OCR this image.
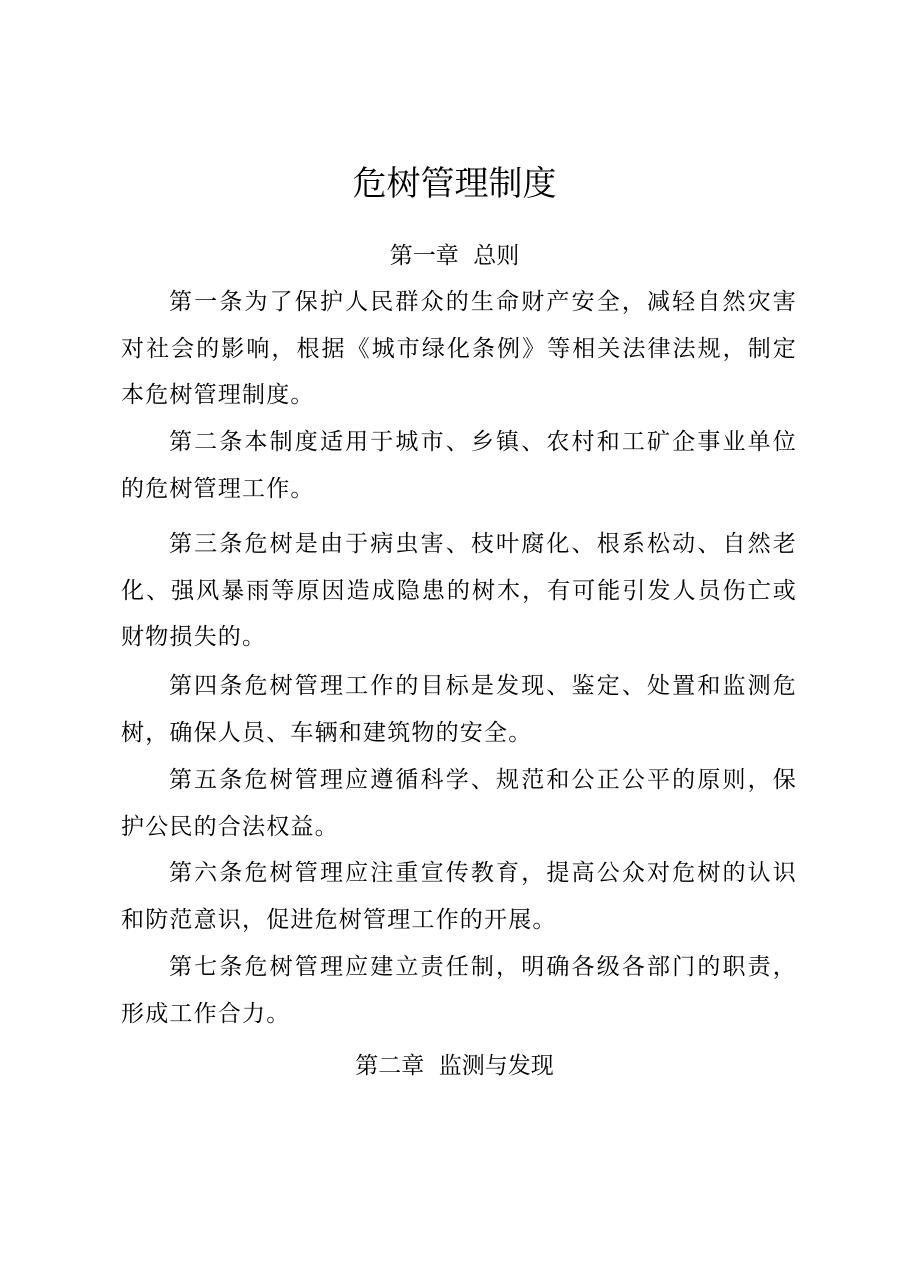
危树管理制度

第一章  总则

第一条为了保护人民群众的生命财产安全，减轻自然灾害对社会的影响，根据《城市绿化条例》等相关法律法规，制定本危树管理制度。

第二条本制度适用于城市、乡镇、农村和工矿企事业单位的危树管理工作。

第三条危树是由于病虫害、枝叶腐化、根系松动、自然老化、强风暴雨等原因造成隐患的树木，有可能引发人员伤亡或财物损失的。

第四条危树管理工作的目标是发现、鉴定、处置和监测危树，确保人员、车辆和建筑物的安全。

第五条危树管理应遵循科学、规范和公正公平的原则，保护公民的合法权益。

第六条危树管理应注重宣传教育，提高公众对危树的认识和防范意识，促进危树管理工作的开展。

第七条危树管理应建立责任制，明确各级各部门的职责，形成工作合力。

第二章  监测与发现
